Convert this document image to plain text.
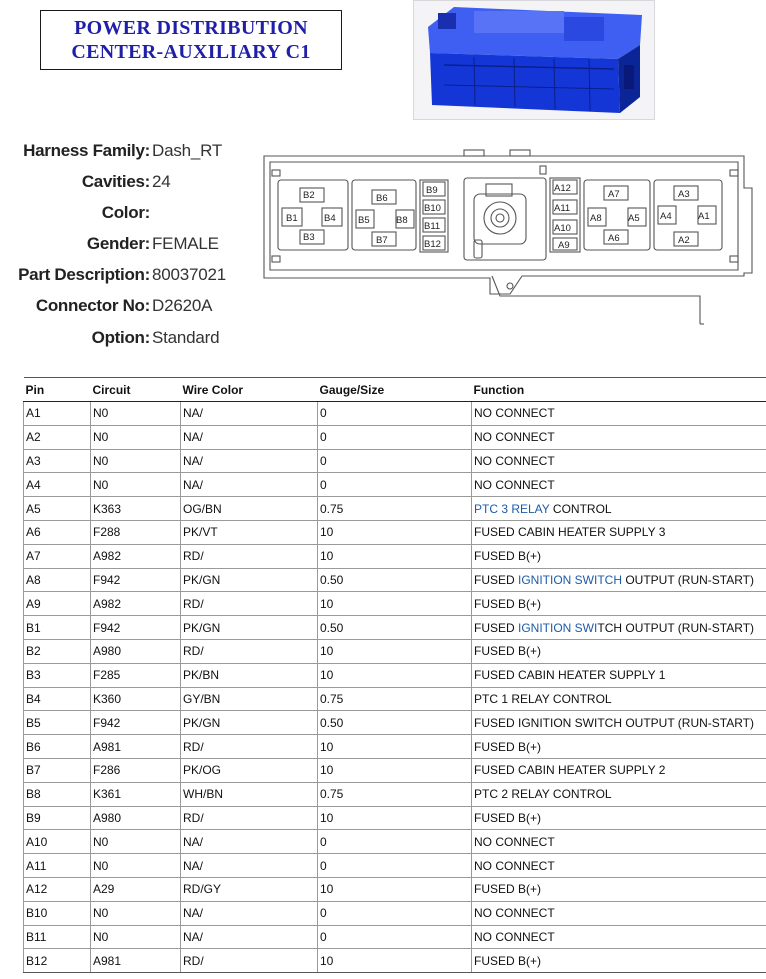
POWER DISTRIBUTION
CENTER-AUXILIARY C1
Harness Family: Dash_RT
Cavities: 24
Color:
Gender: FEMALE
Part Description: 80037021
Connector No: D2620A
Option: Standard
B2
B1	B4
B3
B6
B5	B8
B7
B9
B10
B11
B12
A12
A11
A10
A9
A7
A8	A5
A6
A3
A4	A1
A2
Pin	Circuit	Wire Color	Gauge/Size	Function
A1	N0	NA/	0	NO CONNECT
A2	N0	NA/	0	NO CONNECT
A3	N0	NA/	0	NO CONNECT
A4	N0	NA/	0	NO CONNECT
A5	K363	OG/BN	0.75	PTC 3 RELAY CONTROL
A6	F288	PK/VT	10	FUSED CABIN HEATER SUPPLY 3
A7	A982	RD/	10	FUSED B(+)
A8	F942	PK/GN	0.50	FUSED IGNITION SWITCH OUTPUT (RUN-START)
A9	A982	RD/	10	FUSED B(+)
B1	F942	PK/GN	0.50	FUSED IGNITION SWITCH OUTPUT (RUN-START)
B2	A980	RD/	10	FUSED B(+)
B3	F285	PK/BN	10	FUSED CABIN HEATER SUPPLY 1
B4	K360	GY/BN	0.75	PTC 1 RELAY CONTROL
B5	F942	PK/GN	0.50	FUSED IGNITION SWITCH OUTPUT (RUN-START)
B6	A981	RD/	10	FUSED B(+)
B7	F286	PK/OG	10	FUSED CABIN HEATER SUPPLY 2
B8	K361	WH/BN	0.75	PTC 2 RELAY CONTROL
B9	A980	RD/	10	FUSED B(+)
A10	N0	NA/	0	NO CONNECT
A11	N0	NA/	0	NO CONNECT
A12	A29	RD/GY	10	FUSED B(+)
B10	N0	NA/	0	NO CONNECT
B11	N0	NA/	0	NO CONNECT
B12	A981	RD/	10	FUSED B(+)
